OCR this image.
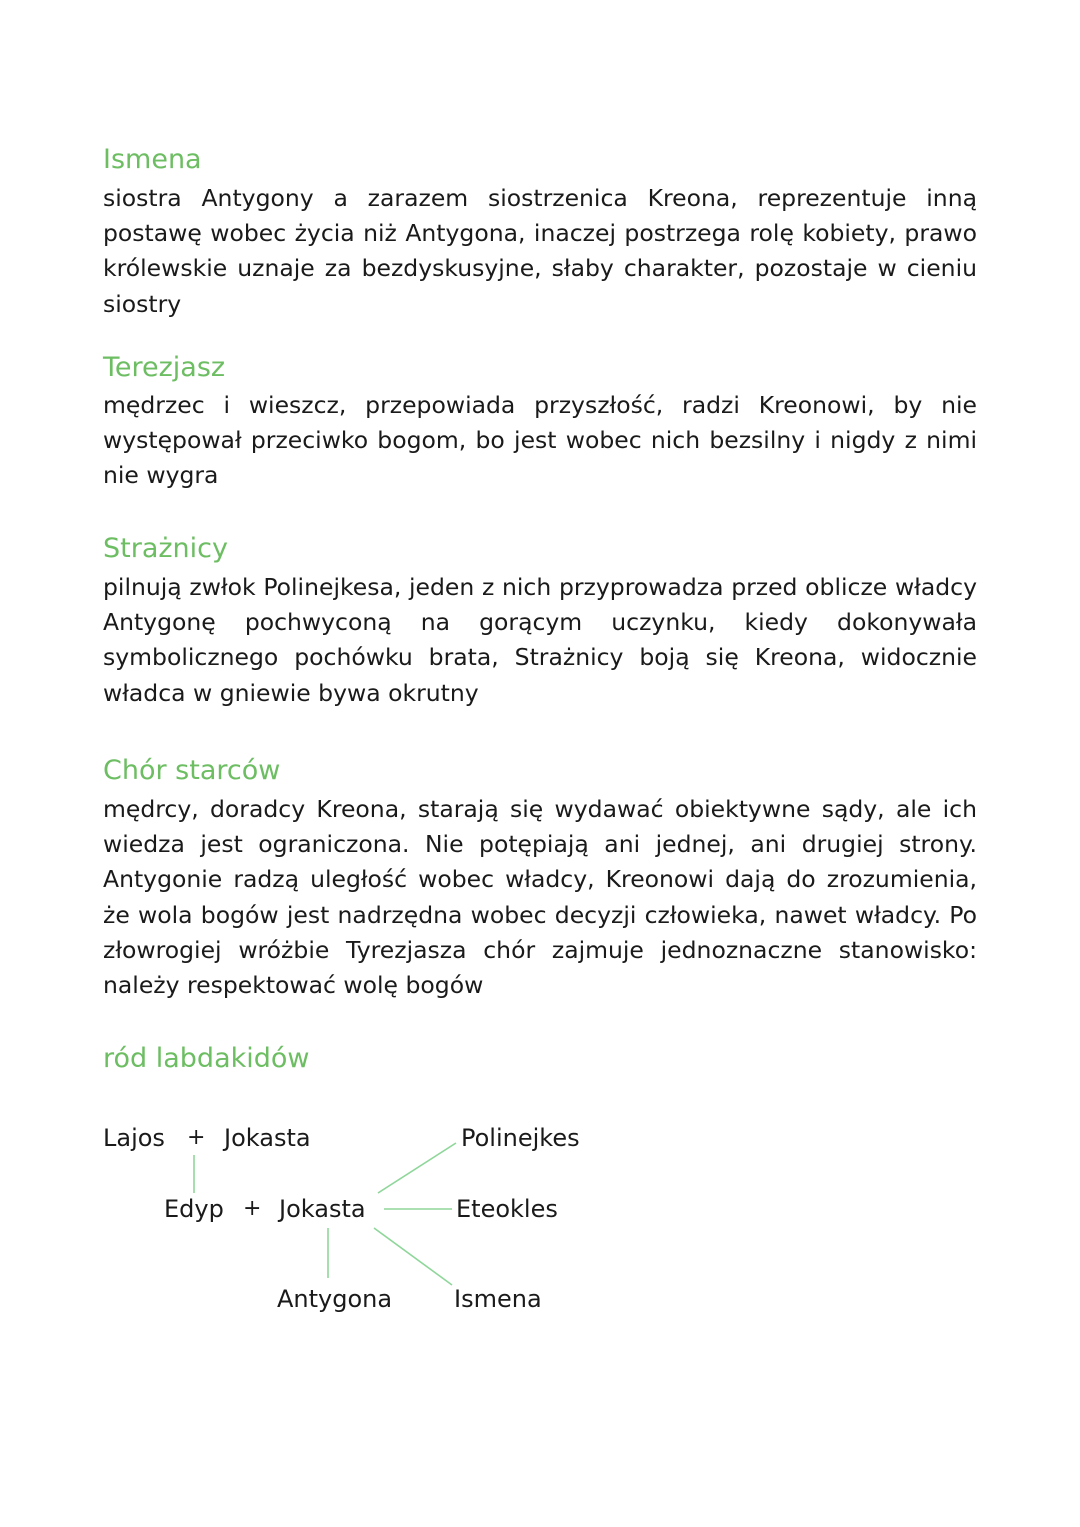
Ismena

siostra Antygony a zarazem siostrzenica Kreona, reprezentuje inną postawę wobec życia niż Antygona, inaczej postrzega rolę kobiety, prawo królewskie uznaje za bezdyskusyjne, słaby charakter, pozostaje w cieniu siostry

Terezjasz

mędrzec i wieszcz, przepowiada przyszłość, radzi Kreonowi, by nie występował przeciwko bogom, bo jest wobec nich bezsilny i nigdy z nimi nie wygra

Strażnicy

pilnują zwłok Polinejkesa, jeden z nich przyprowadza przed oblicze władcy Antygonę pochwyconą na gorącym uczynku, kiedy dokonywała symbolicznego pochówku brata, Strażnicy boją się Kreona, widocznie władca w gniewie bywa okrutny

Chór starców

mędrcy, doradcy Kreona, starają się wydawać obiektywne sądy, ale ich wiedza jest ograniczona. Nie potępiają ani jednej, ani drugiej strony. Antygonie radzą uległość wobec władcy, Kreonowi dają do zrozumienia, że wola bogów jest nadrzędna wobec decyzji człowieka, nawet władcy. Po złowrogiej wróżbie Tyrezjasza chór zajmuje jednoznaczne stanowisko: należy respektować wolę bogów

ród labdakidów
Lajos + Jokasta	Polinejkes
Edyp + Jokasta	Eteokles
Antygona	Ismena
